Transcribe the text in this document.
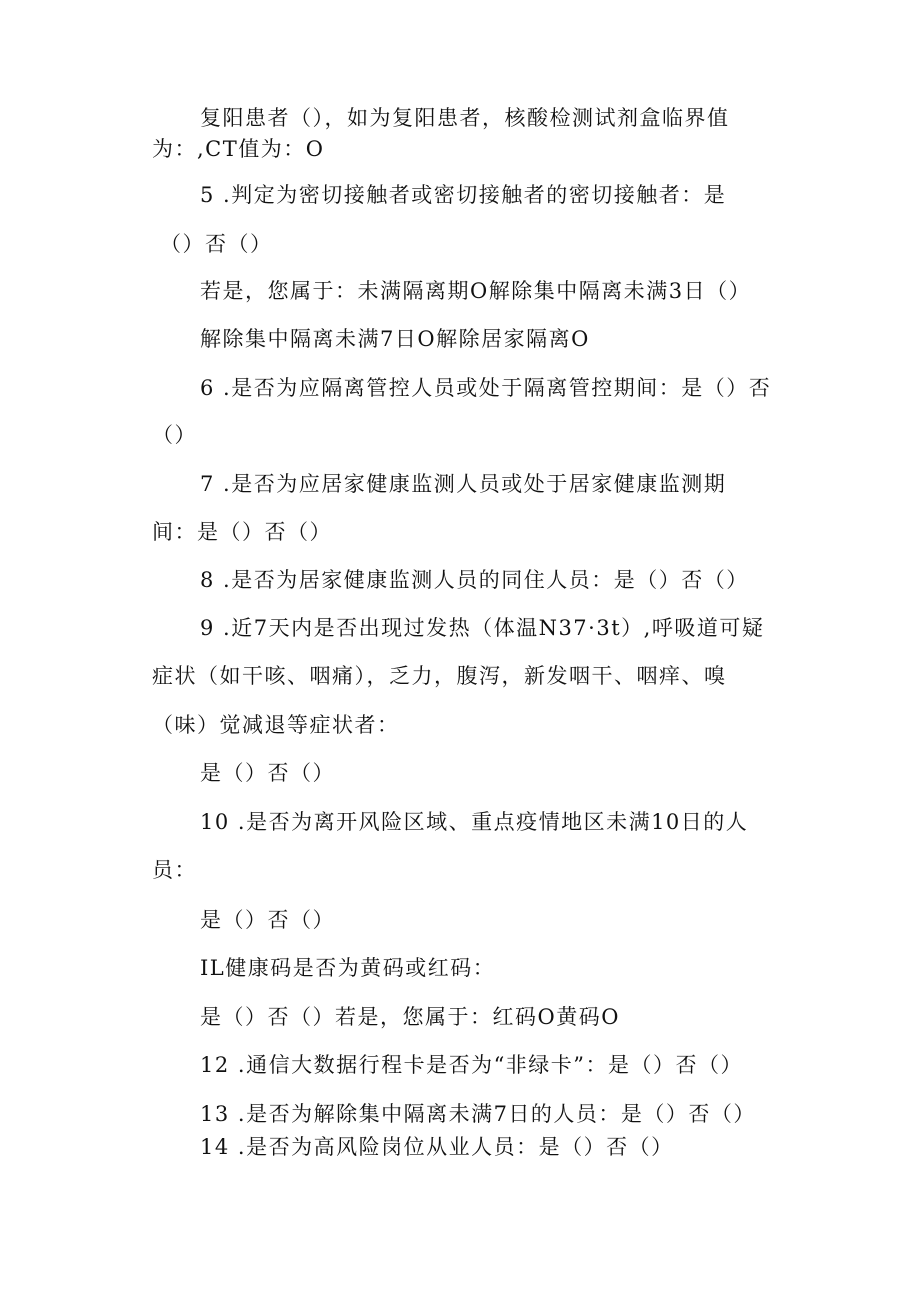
复阳患者（），如为复阳患者，核酸检测试剂盒临界值
为：,CT值为：O
5 .判定为密切接触者或密切接触者的密切接触者：是
（）否（）
若是，您属于：未满隔离期O解除集中隔离未满3日（）
解除集中隔离未满7日O解除居家隔离O
6 .是否为应隔离管控人员或处于隔离管控期间：是（）否
（）
7 .是否为应居家健康监测人员或处于居家健康监测期
间：是（）否（）
8 .是否为居家健康监测人员的同住人员：是（）否（）
9 .近7天内是否出现过发热（体温N37·3t）,呼吸道可疑
症状（如干咳、咽痛），乏力，腹泻，新发咽干、咽痒、嗅
（味）觉减退等症状者：
是（）否（）
10 .是否为离开风险区域、重点疫情地区未满10日的人
员：
是（）否（）
IL健康码是否为黄码或红码：
是（）否（）若是，您属于：红码O黄码O
12 .通信大数据行程卡是否为“非绿卡”：是（）否（）
13 .是否为解除集中隔离未满7日的人员：是（）否（）
14 .是否为高风险岗位从业人员：是（）否（）
